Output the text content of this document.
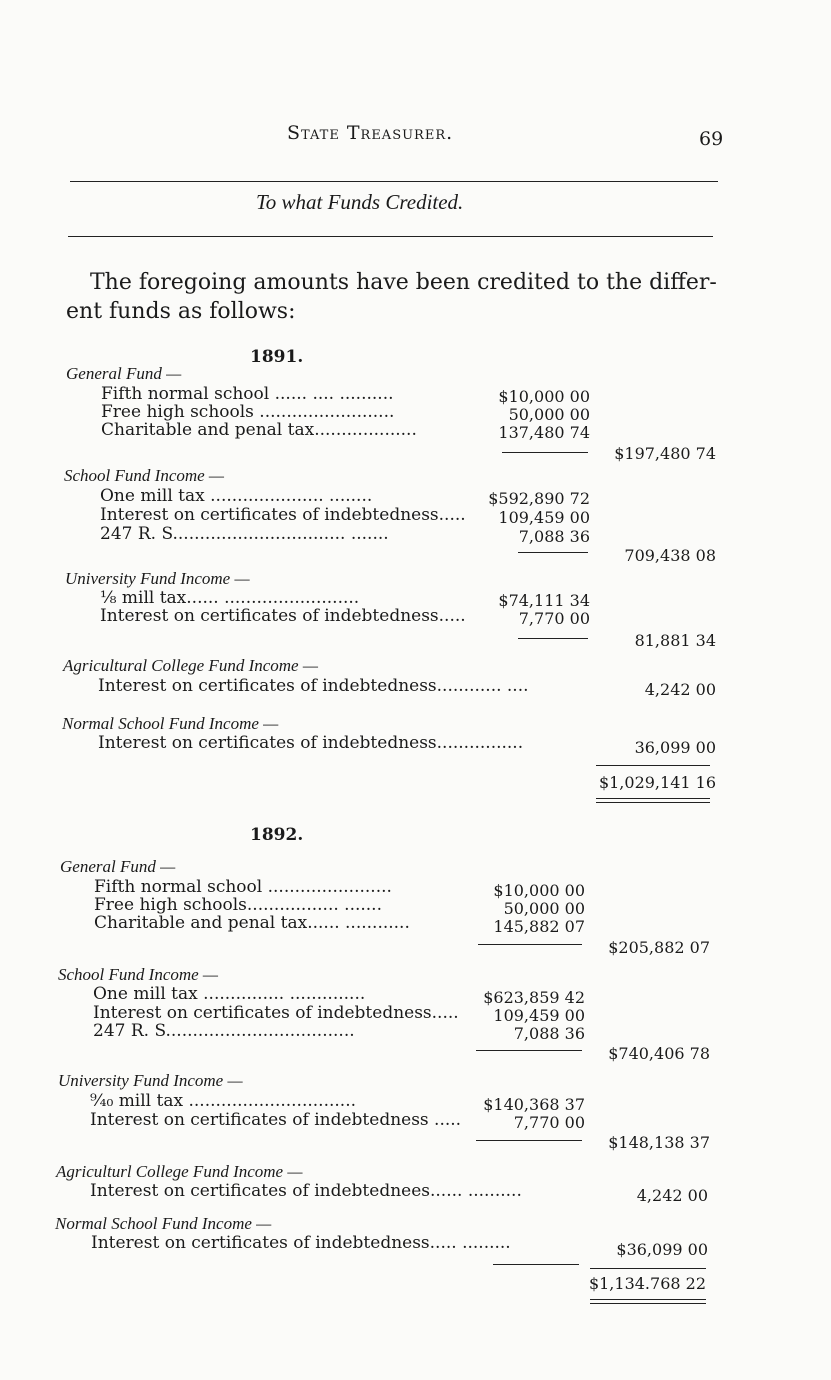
State Treasurer.	69
To what Funds Credited.
The foregoing amounts have been credited to the differ-
ent funds as follows:
1891.
General Fund —
Fifth normal school ...... .... ..........	$10,000 00
Free high schools .........................	50,000 00
Charitable and penal tax...................	137,480 74
$197,480 74
School Fund Income —
One mill tax ..................... ........	$592,890 72
Interest on certificates of indebtedness.....	109,459 00
247 R. S................................ .......	7,088 36
709,438 08
University Fund Income —
⅛ mill tax...... .........................	$74,111 34
Interest on certificates of indebtedness.....	7,770 00
81,881 34
Agricultural College Fund Income —
Interest on certificates of indebtedness............ ....	4,242 00
Normal School Fund Income —
Interest on certificates of indebtedness................	36,099 00
$1,029,141 16
1892.
General Fund —
Fifth normal school .......................	$10,000 00
Free high schools................. .......	50,000 00
Charitable and penal tax...... ............	145,882 07
$205,882 07
School Fund Income —
One mill tax ............... ..............	$623,859 42
Interest on certificates of indebtedness.....	109,459 00
247 R. S...................................	7,088 36
$740,406 78
University Fund Income —
⁹⁄₄₀ mill tax ...............................	$140,368 37
Interest on certificates of indebtedness .....	7,770 00
$148,138 37
Agriculturl College Fund Income —
Interest on certificates of indebtednees...... ..........	4,242 00
Normal School Fund Income —
Interest on certificates of indebtedness..... .........	$36,099 00
$1,134.768 22
